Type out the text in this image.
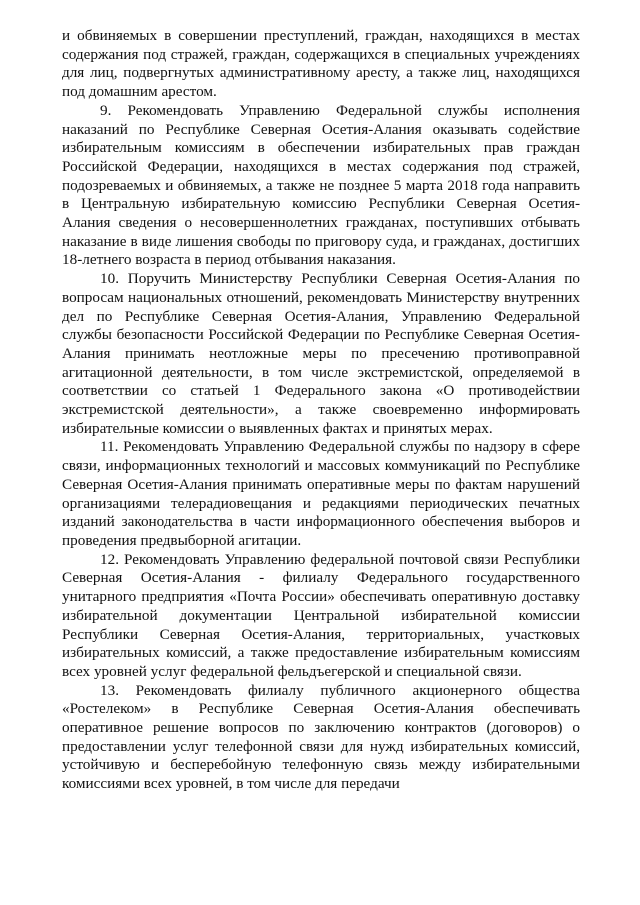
и обвиняемых в совершении преступлений, граждан, находящихся в местах содержания под стражей, граждан, содержащихся в специальных учреждениях для лиц, подвергнутых административному аресту, а также лиц, находящихся под домашним арестом.

9. Рекомендовать Управлению Федеральной службы исполнения наказаний по Республике Северная Осетия-Алания оказывать содействие избирательным комиссиям в обеспечении избирательных прав граждан Российской Федерации, находящихся в местах содержания под стражей, подозреваемых и обвиняемых, а также не позднее 5 марта 2018 года направить в Центральную избирательную комиссию Республики Северная Осетия-Алания сведения о несовершеннолетних гражданах, поступивших отбывать наказание в виде лишения свободы по приговору суда, и гражданах, достигших 18-летнего возраста в период отбывания наказания.

10. Поручить Министерству Республики Северная Осетия-Алания по вопросам национальных отношений, рекомендовать Министерству внутренних дел по Республике Северная Осетия-Алания, Управлению Федеральной службы безопасности Российской Федерации по Республике Северная Осетия-Алания принимать неотложные меры по пресечению противоправной агитационной деятельности, в том числе экстремистской, определяемой в соответствии со статьей 1 Федерального закона «О противодействии экстремистской деятельности», а также своевременно информировать избирательные комиссии о выявленных фактах и принятых мерах.

11. Рекомендовать Управлению Федеральной службы по надзору в сфере связи, информационных технологий и массовых коммуникаций по Республике Северная Осетия-Алания принимать оперативные меры по фактам нарушений организациями телерадиовещания и редакциями периодических печатных изданий законодательства в части информационного обеспечения выборов и проведения предвыборной агитации.

12. Рекомендовать Управлению федеральной почтовой связи Республики Северная Осетия-Алания - филиалу Федерального государственного унитарного предприятия «Почта России» обеспечивать оперативную доставку избирательной документации Центральной избирательной комиссии Республики Северная Осетия-Алания, территориальных, участковых избирательных комиссий, а также предоставление избирательным комиссиям всех уровней услуг федеральной фельдъегерской и специальной связи.

13. Рекомендовать филиалу публичного акционерного общества «Ростелеком» в Республике Северная Осетия-Алания обеспечивать оперативное решение вопросов по заключению контрактов (договоров) о предоставлении услуг телефонной связи для нужд избирательных комиссий, устойчивую и бесперебойную телефонную связь между избирательными комиссиями всех уровней, в том числе для передачи
